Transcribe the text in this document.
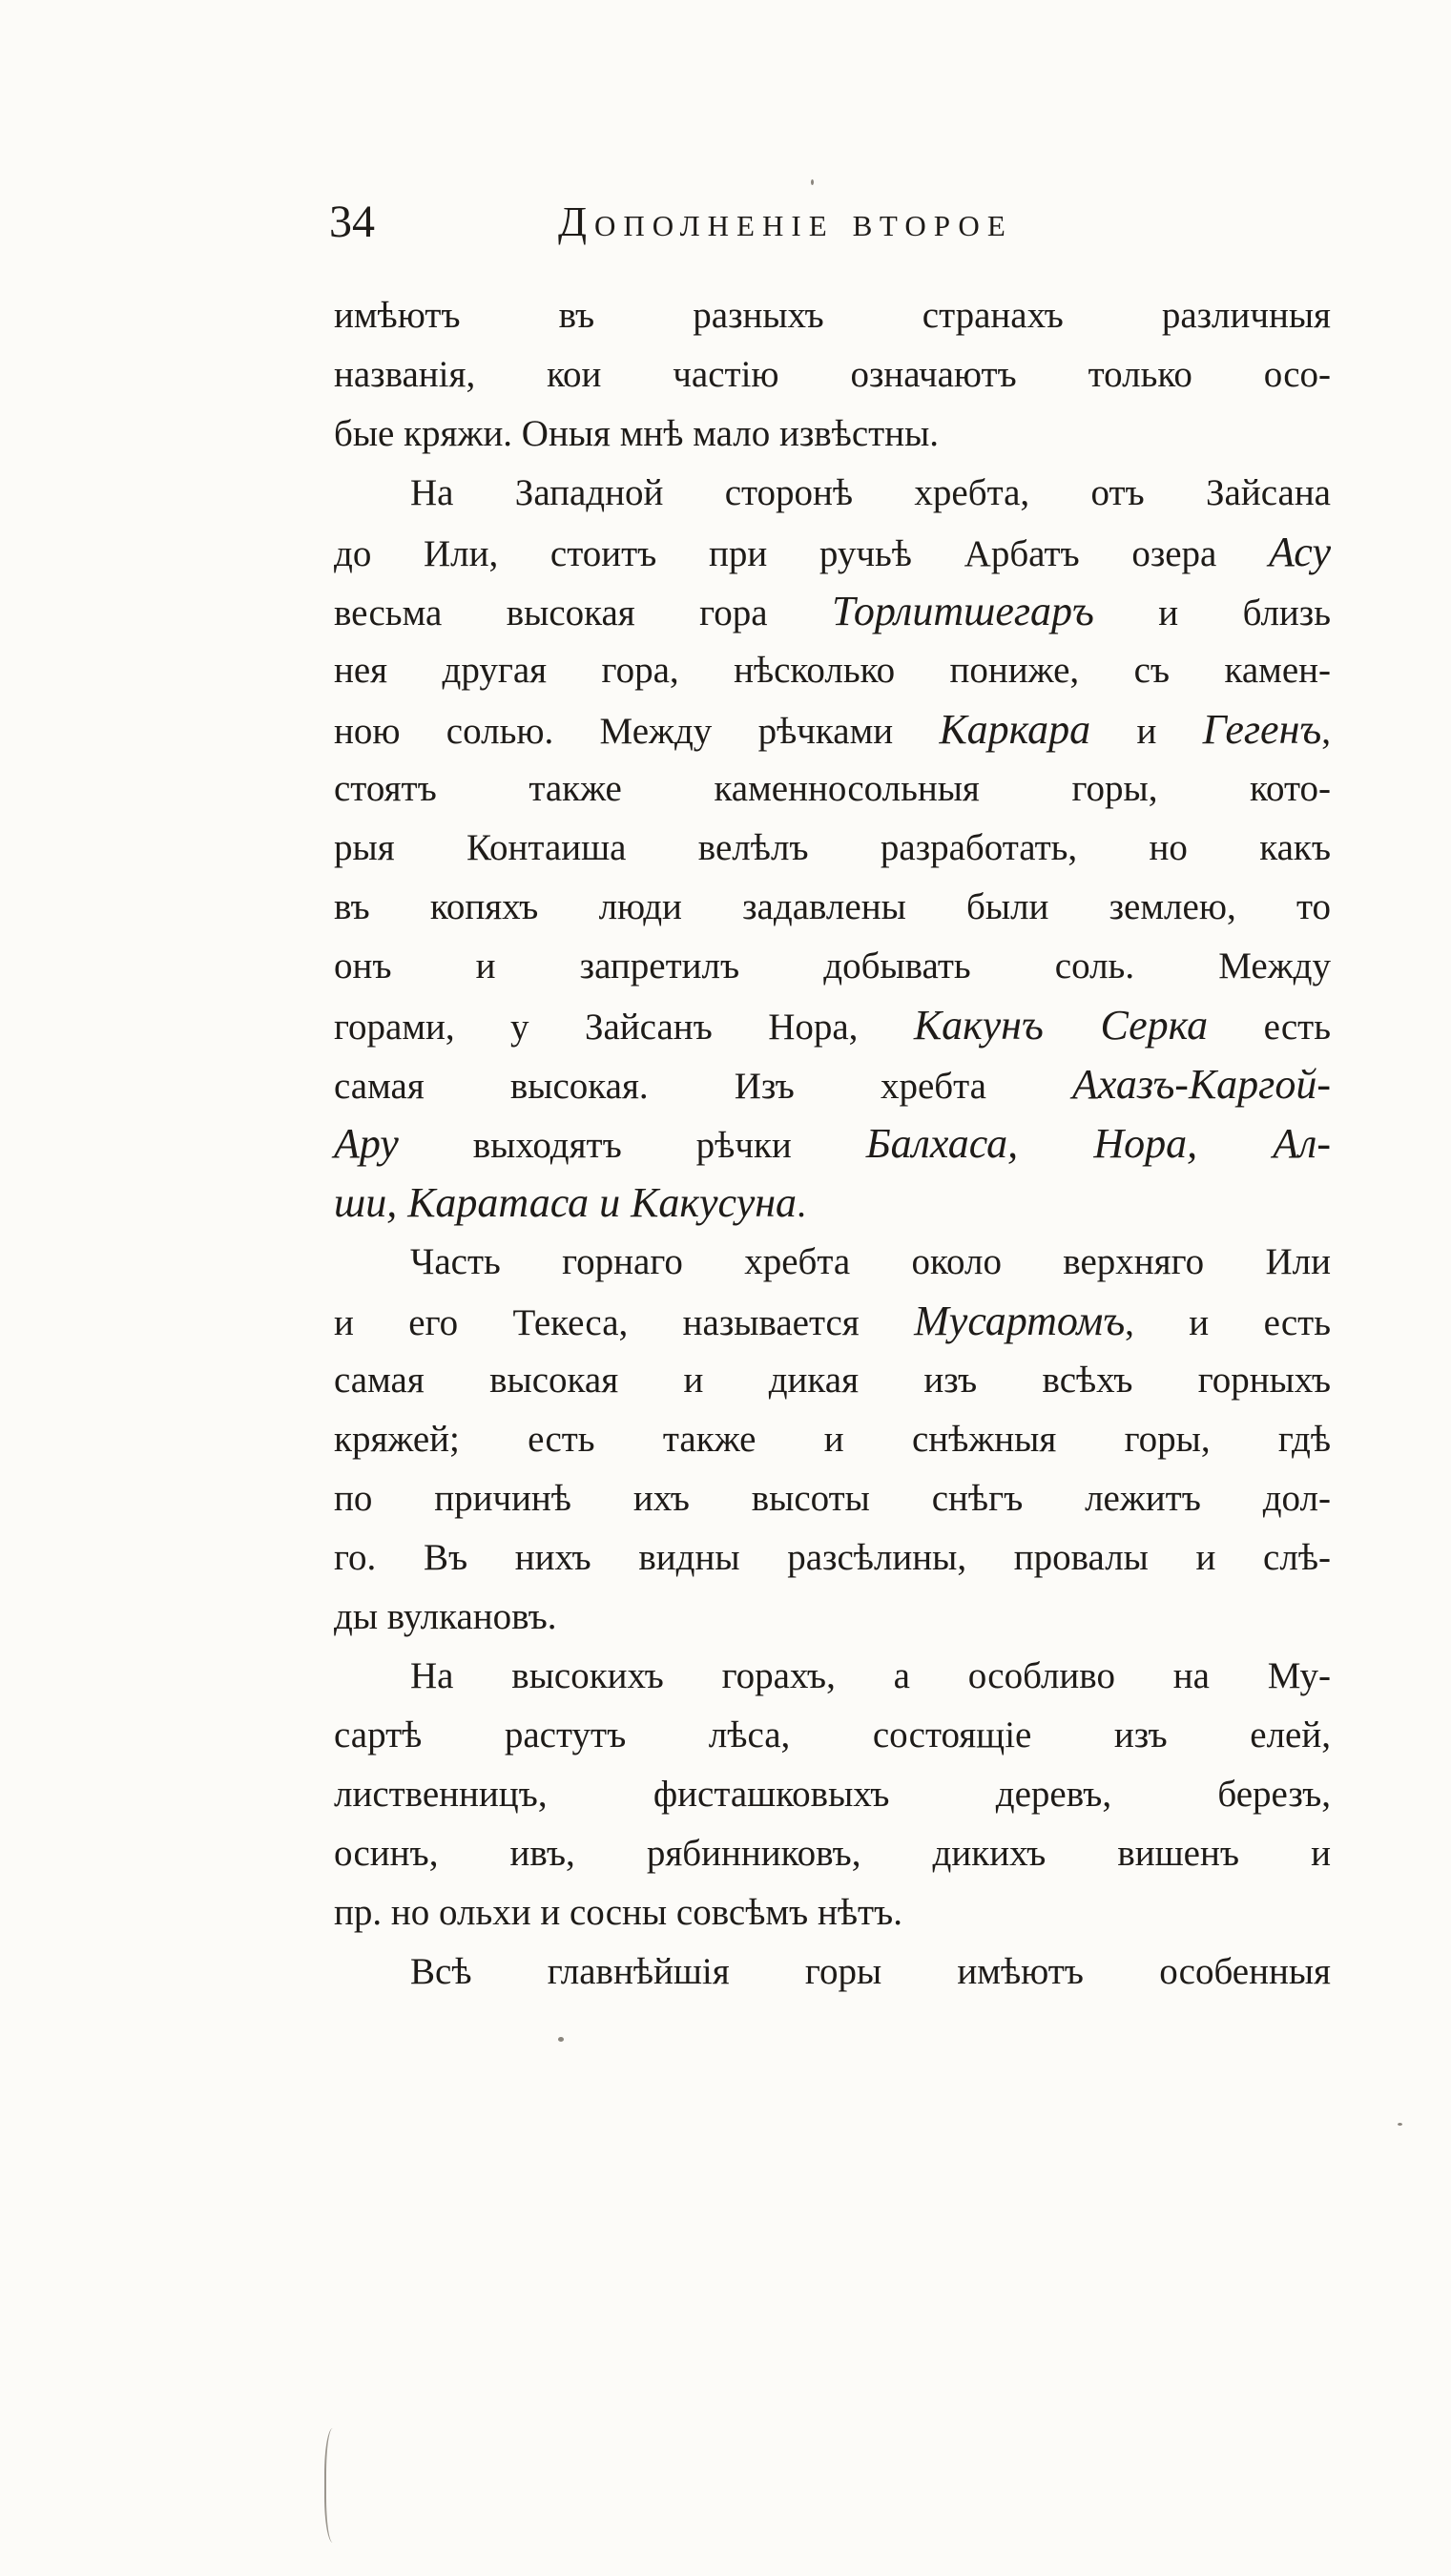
34	Дополненіе второе
имѣютъ въ разныхъ странахъ различныя
названія, кои частію означаютъ только осо-
бые кряжи. Оныя мнѣ мало извѣстны.
На Западной сторонѣ хребта, отъ Зайсана
до Или, стоитъ при ручьѣ Арбатъ озера Асу
весьма высокая гора Торлитшегаръ и близь
нея другая гора, нѣсколько пониже, съ камен-
ною солью. Между рѣчками Каркара и Гегенъ,
стоятъ также каменносольныя горы, кото-
рыя Контаиша велѣлъ разработать, но какъ
въ копяхъ люди задавлены были землею, то
онъ и запретилъ добывать соль. Между
горами, у Зайсанъ Нора, Какунъ Серка есть
самая высокая. Изъ хребта Ахазъ-Каргой-
Ару выходятъ рѣчки Балхаса, Нора, Ал-
ши, Каратаса и Какусуна.
Часть горнаго хребта около верхняго Или
и его Текеса, называется Мусартомъ, и есть
самая высокая и дикая изъ всѣхъ горныхъ
кряжей; есть также и снѣжныя горы, гдѣ
по причинѣ ихъ высоты снѣгъ лежитъ дол-
го. Въ нихъ видны разсѣлины, провалы и слѣ-
ды вулкановъ.
На высокихъ горахъ, а особливо на Му-
сартѣ растутъ лѣса, состоящіе изъ елей,
лиственницъ, фисташковыхъ деревъ, березъ,
осинъ, ивъ, рябинниковъ, дикихъ вишенъ и
пр. но ольхи и сосны совсѣмъ нѣтъ.
Всѣ главнѣйшія горы имѣютъ особенныя
